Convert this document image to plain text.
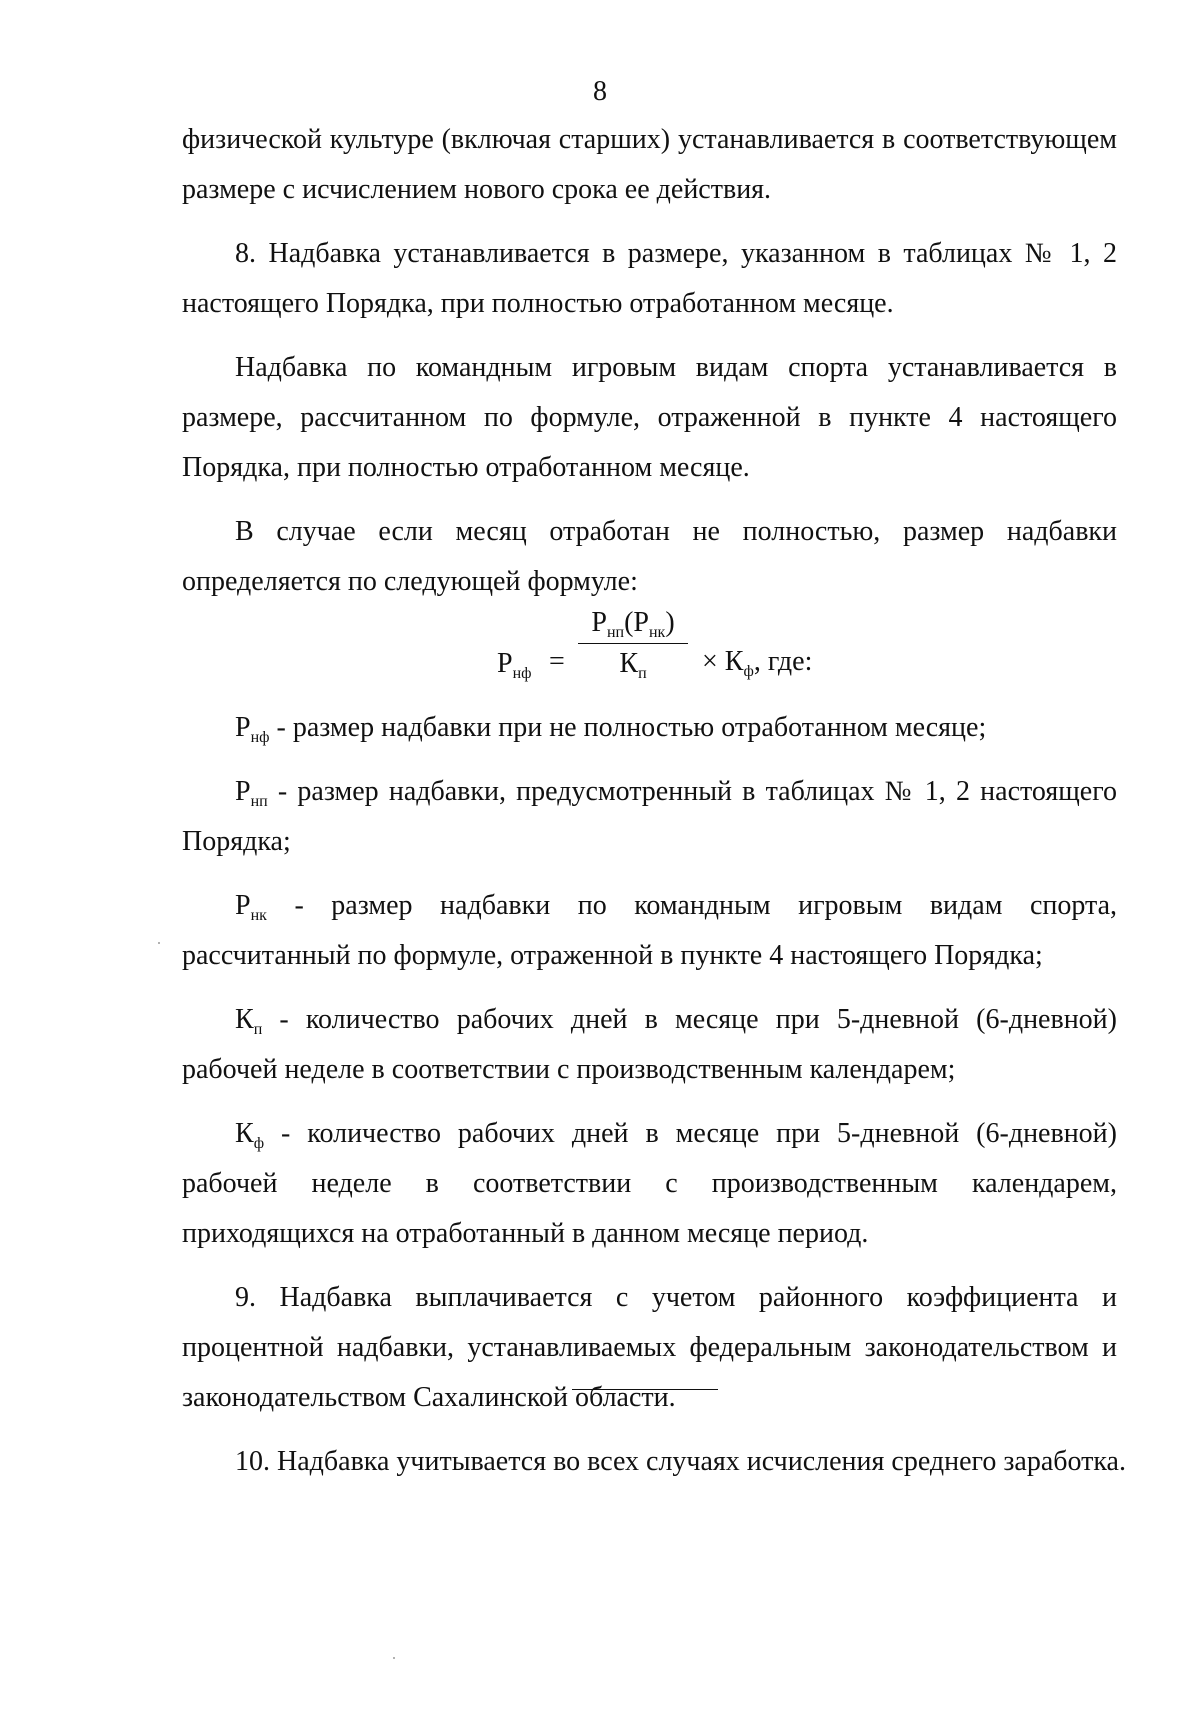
8

физической культуре (включая старших) устанавливается в соответствующем размере с исчислением нового срока ее действия.

8. Надбавка устанавливается в размере, указанном в таблицах № 1, 2 настоящего Порядка, при полностью отработанном месяце.

Надбавка по командным игровым видам спорта устанавливается в размере, рассчитанном по формуле, отраженной в пункте 4 настоящего Порядка, при полностью отработанном месяце.

В случае если месяц отработан не полностью, размер надбавки определяется по следующей формуле:

$Р_{нф}$ =
$Р_{нп}(Р_{нк})$
$К_п$	× $К_ф$, где:

$Р_{нф}$ - размер надбавки при не полностью отработанном месяце;

$Р_{нп}$ - размер надбавки, предусмотренный в таблицах № 1, 2 настоящего Порядка;

$Р_{нк}$ - размер надбавки по командным игровым видам спорта, рассчитанный по формуле, отраженной в пункте 4 настоящего Порядка;

$К_п$ - количество рабочих дней в месяце при 5-дневной (6-дневной) рабочей неделе в соответствии с производственным календарем;

$К_ф$ - количество рабочих дней в месяце при 5-дневной (6-дневной) рабочей неделе в соответствии с производственным календарем, приходящихся на отработанный в данном месяце период.

9. Надбавка выплачивается с учетом районного коэффициента и процентной надбавки, устанавливаемых федеральным законодательством и законодательством Сахалинской области.

10. Надбавка учитывается во всех случаях исчисления среднего заработка.
